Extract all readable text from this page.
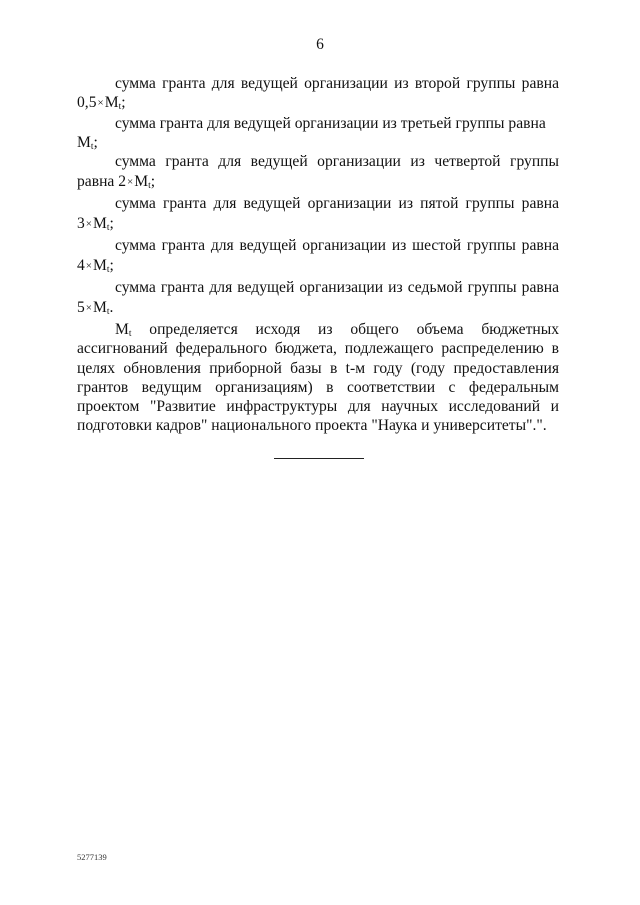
6

сумма гранта для ведущей организации из второй группы равна $0,5\times M_t$;

сумма гранта для ведущей организации из третьей группы равна $M_t$;

сумма гранта для ведущей организации из четвертой группы равна $2\times M_t$;

сумма гранта для ведущей организации из пятой группы равна $3\times M_t$;

сумма гранта для ведущей организации из шестой группы равна $4\times M_t$;

сумма гранта для ведущей организации из седьмой группы равна $5\times M_t$.

$M_t$ определяется исходя из общего объема бюджетных ассигнований федерального бюджета, подлежащего распределению в целях обновления приборной базы в t-м году (году предоставления грантов ведущим организациям) в соответствии с федеральным проектом "Развитие инфраструктуры для научных исследований и подготовки кадров" национального проекта "Наука и университеты".".

5277139
